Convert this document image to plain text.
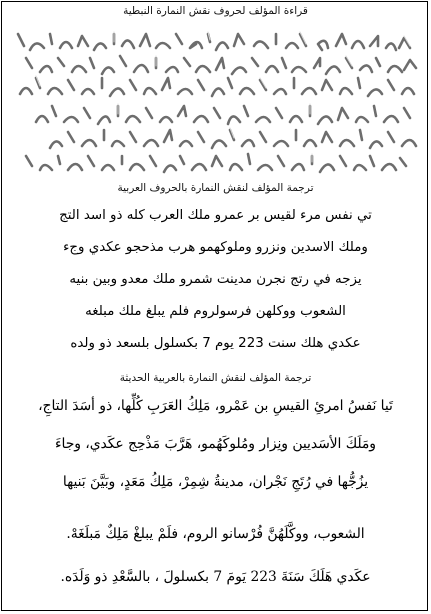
قراءة المؤلف لحروف نقش النمارة النبطية
ترجمة المؤلف لنقش النمارة بالحروف العربية
تي نفس مرء لقيس بر عمرو ملك العرب كله ذو اسد التج
وملك الاسدين ونزرو وملوكهمو هرب مذحجو عكدي وجء
يزجه في رتج نجرن مدينت شمرو ملك معدو وبين بنيه
الشعوب ووكلهن فرسولروم فلم يبلغ ملك مبلغه
عكدي هلك سنت 223 يوم 7 بكسلول بلسعد ذو ولده
ترجمة المؤلف لنقش النمارة بالعربية الحديثة
تَيا نَفسُ امرئِ القيسِ بن عَمْرو، مَلِكُ العَرَبِ كُلِّها، ذو أسَدَ التاجِ،
ومَلَكَ الأسَديين ونِزار ومُلوكَهُمو، هَرَّبَ مَذْحِج عكَدي، وجاءَ
يزُجُّها في رُتَجِ نَجْران، مدينةُ شِمِرْ، مَلِكُ مَعَدٍ، وبَيَّنَ بَنيها
الشعوب، ووكَّلَهُنَّ فُرْسانو الروم، فلَمْ يبلغْ مَلِكٌ مَبلَغَهْ.
عكَدي هَلَكَ سَنَةَ 223 يَومَ 7 بكسلولَ ، بالسَّعْدِ ذو وَلَدَه.
